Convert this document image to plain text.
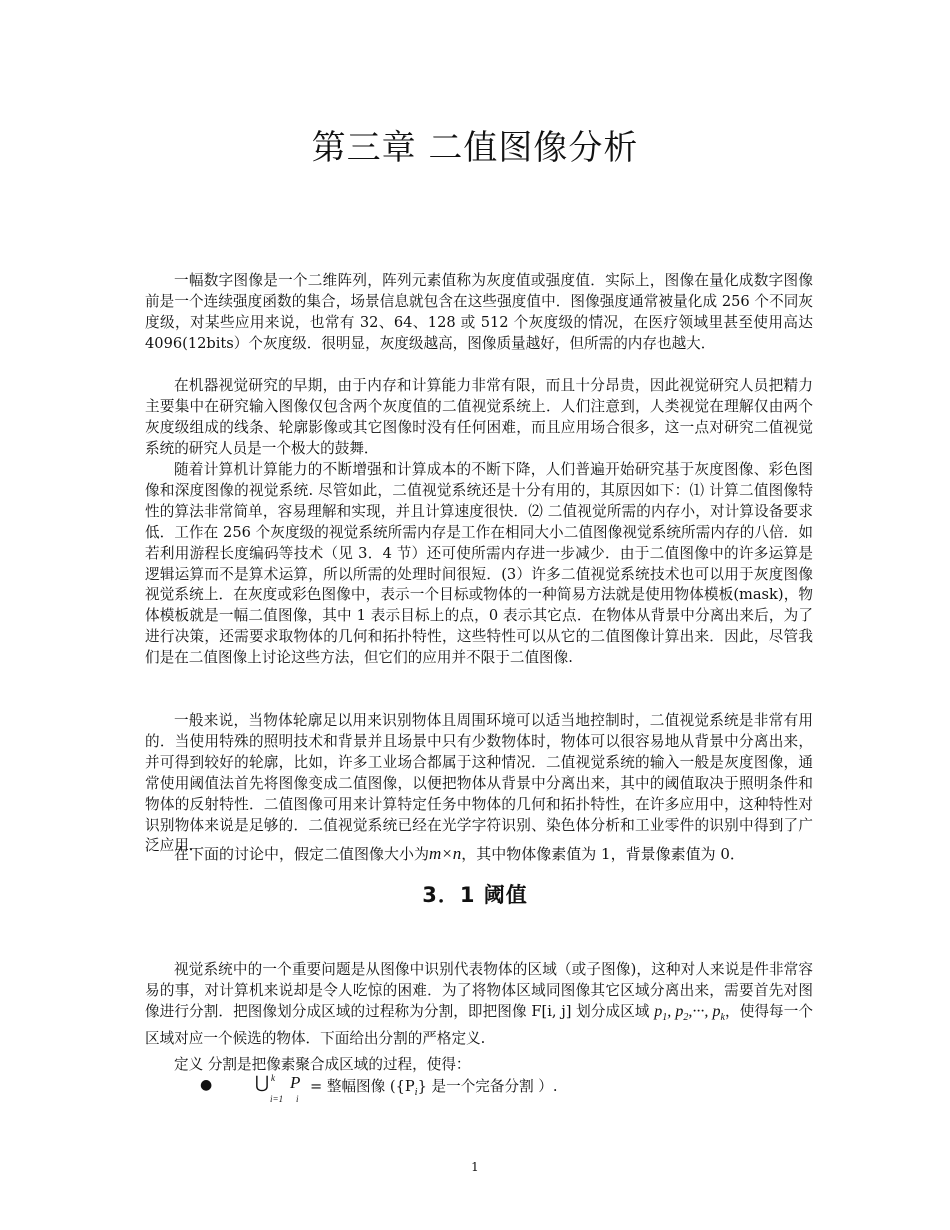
第三章 二值图像分析

一幅数字图像是一个二维阵列，阵列元素值称为灰度值或强度值．实际上，图像在量化成数字图像前是一个连续强度函数的集合，场景信息就包含在这些强度值中．图像强度通常被量化成 256 个不同灰度级，对某些应用来说，也常有 32、64、128 或 512 个灰度级的情况，在医疗领域里甚至使用高达 4096(12bits）个灰度级．很明显，灰度级越高，图像质量越好，但所需的内存也越大．

在机器视觉研究的早期，由于内存和计算能力非常有限，而且十分昂贵，因此视觉研究人员把精力主要集中在研究输入图像仅包含两个灰度值的二值视觉系统上．人们注意到，人类视觉在理解仅由两个灰度级组成的线条、轮廓影像或其它图像时没有任何困难，而且应用场合很多，这一点对研究二值视觉系统的研究人员是一个极大的鼓舞．

随着计算机计算能力的不断增强和计算成本的不断下降，人们普遍开始研究基于灰度图像、彩色图像和深度图像的视觉系统. 尽管如此，二值视觉系统还是十分有用的，其原因如下：⑴ 计算二值图像特性的算法非常简单，容易理解和实现，并且计算速度很快．⑵ 二值视觉所需的内存小，对计算设备要求低．工作在 256 个灰度级的视觉系统所需内存是工作在相同大小二值图像视觉系统所需内存的八倍．如若利用游程长度编码等技术（见 3．4 节）还可使所需内存进一步减少．由于二值图像中的许多运算是逻辑运算而不是算术运算，所以所需的处理时间很短．(3）许多二值视觉系统技术也可以用于灰度图像视觉系统上．在灰度或彩色图像中，表示一个目标或物体的一种简易方法就是使用物体模板(mask)，物体模板就是一幅二值图像，其中 1 表示目标上的点，0 表示其它点．在物体从背景中分离出来后，为了进行决策，还需要求取物体的几何和拓扑特性，这些特性可以从它的二值图像计算出来．因此，尽管我们是在二值图像上讨论这些方法，但它们的应用并不限于二值图像.

一般来说，当物体轮廓足以用来识别物体且周围环境可以适当地控制时，二值视觉系统是非常有用的．当使用特殊的照明技术和背景并且场景中只有少数物体时，物体可以很容易地从背景中分离出来，并可得到较好的轮廓，比如，许多工业场合都属于这种情况．二值视觉系统的输入一般是灰度图像，通常使用阈值法首先将图像变成二值图像，以便把物体从背景中分离出来，其中的阈值取决于照明条件和物体的反射特性．二值图像可用来计算特定任务中物体的几何和拓扑特性，在许多应用中，这种特性对识别物体来说是足够的．二值视觉系统已经在光学字符识别、染色体分析和工业零件的识别中得到了广泛应用．

在下面的讨论中，假定二值图像大小为m×n，其中物体像素值为 1，背景像素值为 0．

3．1 阈值

视觉系统中的一个重要问题是从图像中识别代表物体的区域（或子图像)，这种对人来说是件非常容易的事，对计算机来说却是令人吃惊的困难．为了将物体区域同图像其它区域分离出来，需要首先对图像进行分割．把图像划分成区域的过程称为分割，即把图像 F[i, j] 划分成区域 $p_1$, $p_2,\cdot\cdot\cdot$, $p_k$，使得每一个区域对应一个候选的物体．下面给出分割的严格定义.

定义 分割是把像素聚合成区域的过程，使得：

●	⋃ k
i=1
P
i
= 整幅图像 ($\{P_i\}$ 是一个完备分割 ）.
1
